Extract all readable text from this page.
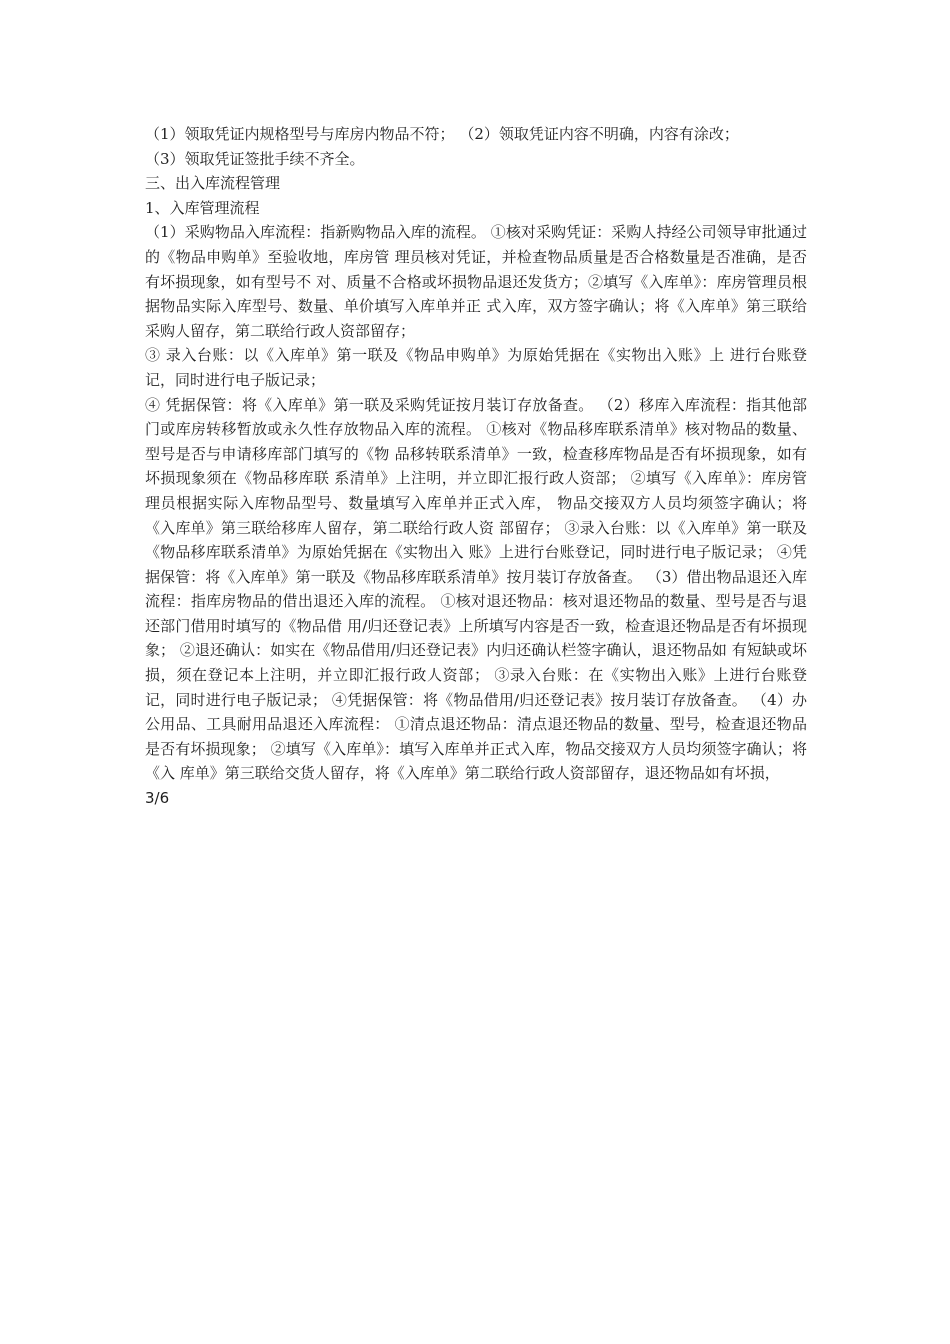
（1）领取凭证内规格型号与库房内物品不符； （2）领取凭证内容不明确，内容有涂改；
（3）领取凭证签批手续不齐全。
三、出入库流程管理
1、入库管理流程

（1）采购物品入库流程：指新购物品入库的流程。 ①核对采购凭证：采购人持经公司领导审批通过的《物品申购单》至验收地，库房管 理员核对凭证，并检查物品质量是否合格数量是否准确，是否有坏损现象，如有型号不 对、质量不合格或坏损物品退还发货方；②填写《入库单》：库房管理员根据物品实际入库型号、数量、单价填写入库单并正 式入库，双方签字确认；将《入库单》第三联给采购人留存，第二联给行政人资部留存；

③ 录入台账：以《入库单》第一联及《物品申购单》为原始凭据在《实物出入账》上 进行台账登记，同时进行电子版记录；

④ 凭据保管：将《入库单》第一联及采购凭证按月装订存放备查。 （2）移库入库流程：指其他部门或库房转移暂放或永久性存放物品入库的流程。 ①核对《物品移库联系清单》核对物品的数量、型号是否与申请移库部门填写的《物 品移转联系清单》一致，检查移库物品是否有坏损现象，如有坏损现象须在《物品移库联 系清单》上注明，并立即汇报行政人资部； ②填写《入库单》：库房管理员根据实际入库物品型号、数量填写入库单并正式入库， 物品交接双方人员均须签字确认；将《入库单》第三联给移库人留存，第二联给行政人资 部留存； ③录入台账：以《入库单》第一联及《物品移库联系清单》为原始凭据在《实物出入 账》上进行台账登记，同时进行电子版记录； ④凭据保管：将《入库单》第一联及《物品移库联系清单》按月装订存放备查。 （3）借出物品退还入库流程：指库房物品的借出退还入库的流程。 ①核对退还物品：核对退还物品的数量、型号是否与退还部门借用时填写的《物品借 用/归还登记表》上所填写内容是否一致，检查退还物品是否有坏损现象； ②退还确认：如实在《物品借用/归还登记表》内归还确认栏签字确认，退还物品如 有短缺或坏损，须在登记本上注明，并立即汇报行政人资部； ③录入台账：在《实物出入账》上进行台账登记，同时进行电子版记录； ④凭据保管：将《物品借用/归还登记表》按月装订存放备查。 （4）办公用品、工具耐用品退还入库流程： ①清点退还物品：清点退还物品的数量、型号，检查退还物品是否有坏损现象； ②填写《入库单》：填写入库单并正式入库，物品交接双方人员均须签字确认；将《入 库单》第三联给交货人留存，将《入库单》第二联给行政人资部留存，退还物品如有坏损，

3/6
